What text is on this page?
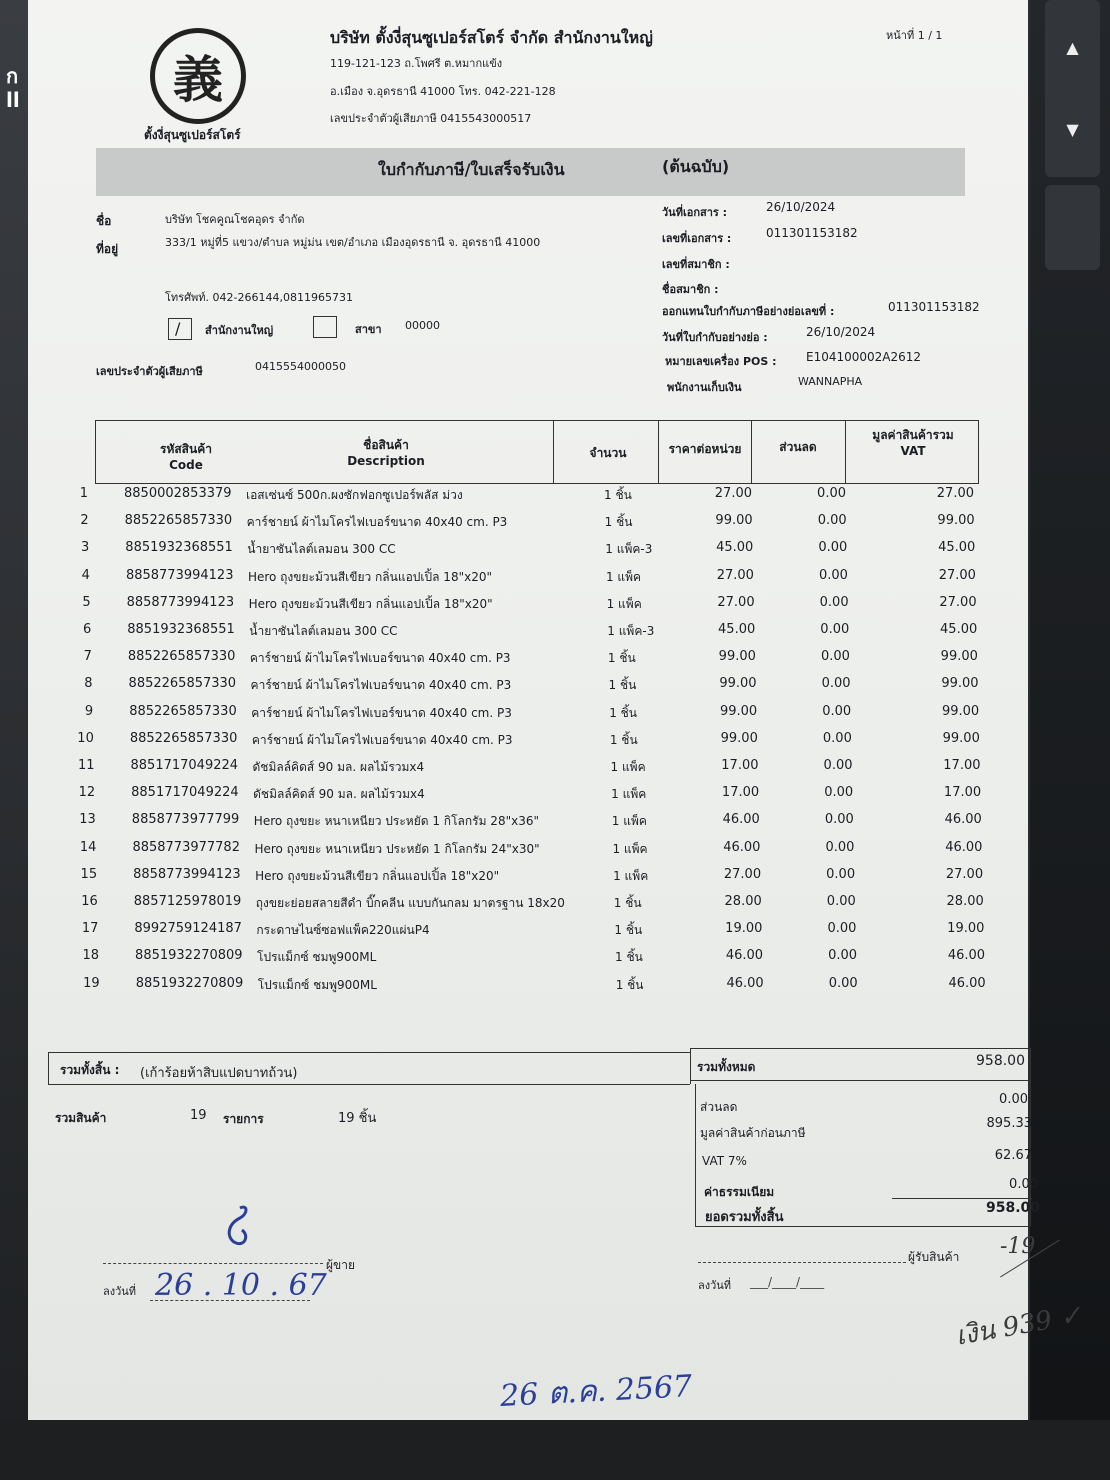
ก
ll
▲
▼
義
ตั้งงี่สุนซูเปอร์สโตร์
บริษัท ตั้งงี่สุนซูเปอร์สโตร์ จำกัด สำนักงานใหญ่
119-121-123 ถ.โพศรี ต.หมากแข้ง
อ.เมือง จ.อุดรธานี 41000 โทร. 042-221-128
เลขประจำตัวผู้เสียภาษี 0415543000517
หน้าที่ 1 / 1
ใบกำกับภาษี/ใบเสร็จรับเงิน	(ต้นฉบับ)
ชื่อ	บริษัท โชคคูณโชคอุดร จำกัด
ที่อยู่	333/1 หมู่ที่5 แขวง/ตำบล หมู่ม่น เขต/อำเภอ เมืองอุดรธานี จ. อุดรธานี 41000
โทรศัพท์. 042-266144,0811965731
/ สำนักงานใหญ่	สาขา 00000
เลขประจำตัวผู้เสียภาษี	0415554000050
วันที่เอกสาร :	26/10/2024
เลขที่เอกสาร :	011301153182
เลขที่สมาชิก :
ชื่อสมาชิก :
ออกแทนใบกำกับภาษีอย่างย่อเลขที่ :	011301153182
วันที่ใบกำกับอย่างย่อ :	26/10/2024
หมายเลขเครื่อง POS : E104100002A2612
พนักงานเก็บเงิน	WANNAPHA
รหัสสินค้า
Code
ชื่อสินค้า
Description
จำนวน	ราคาต่อหน่วย	ส่วนลด
มูลค่าสินค้ารวม
VAT
1	8850002853379 เอสเซ่นซ์ 500ก.ผงซักฟอกซูเปอร์พลัส ม่วง	1 ชิ้น	27.00	0.00	27.00
2	8852265857330 คาร์ชายน์ ผ้าไมโครไฟเบอร์ขนาด 40x40 cm. P3	1 ชิ้น	99.00	0.00	99.00
3	8851932368551 น้ำยาซันไลต์เลมอน 300 CC	1 แพ็ค-3	45.00	0.00	45.00
4	8858773994123 Hero ถุงขยะม้วนสีเขียว กลิ่นแอปเปิ้ล 18"x20"	1 แพ็ค	27.00	0.00	27.00
5	8858773994123 Hero ถุงขยะม้วนสีเขียว กลิ่นแอปเปิ้ล 18"x20"	1 แพ็ค	27.00	0.00	27.00
6	8851932368551 น้ำยาซันไลต์เลมอน 300 CC	1 แพ็ค-3	45.00	0.00	45.00
7	8852265857330 คาร์ชายน์ ผ้าไมโครไฟเบอร์ขนาด 40x40 cm. P3	1 ชิ้น	99.00	0.00	99.00
8	8852265857330 คาร์ชายน์ ผ้าไมโครไฟเบอร์ขนาด 40x40 cm. P3	1 ชิ้น	99.00	0.00	99.00
9	8852265857330 คาร์ชายน์ ผ้าไมโครไฟเบอร์ขนาด 40x40 cm. P3	1 ชิ้น	99.00	0.00	99.00
10	8852265857330 คาร์ชายน์ ผ้าไมโครไฟเบอร์ขนาด 40x40 cm. P3	1 ชิ้น	99.00	0.00	99.00
11	8851717049224 ดัชมิลล์คิดส์ 90 มล. ผลไม้รวมx4	1 แพ็ค	17.00	0.00	17.00
12	8851717049224 ดัชมิลล์คิดส์ 90 มล. ผลไม้รวมx4	1 แพ็ค	17.00	0.00	17.00
13	8858773977799 Hero ถุงขยะ หนาเหนียว ประหยัด 1 กิโลกรัม 28"x36"	1 แพ็ค	46.00	0.00	46.00
14	8858773977782 Hero ถุงขยะ หนาเหนียว ประหยัด 1 กิโลกรัม 24"x30"	1 แพ็ค	46.00	0.00	46.00
15	8858773994123 Hero ถุงขยะม้วนสีเขียว กลิ่นแอปเปิ้ล 18"x20"	1 แพ็ค	27.00	0.00	27.00
16	8857125978019 ถุงขยะย่อยสลายสีดำ บิ๊กคลีน แบบกันกลม มาตรฐาน 18x20	1 ชิ้น	28.00	0.00	28.00
17	8992759124187 กระดาษไนซ์ซอฟแพ็ค220แผ่นP4	1 ชิ้น	19.00	0.00	19.00
18	8851932270809 โปรแม็กซ์ ชมพู900ML	1 ชิ้น	46.00	0.00	46.00
19	8851932270809 โปรแม็กซ์ ชมพู900ML	1 ชิ้น	46.00	0.00	46.00
รวมทั้งสิ้น : (เก้าร้อยห้าสิบแปดบาทถ้วน)	รวมทั้งหมด	958.00
รวมสินค้า	19 รายการ	19 ชิ้น
ส่วนลด	0.00
มูลค่าสินค้าก่อนภาษี
895.33
VAT 7%	62.67
ค่าธรรมเนียม	0.00
ยอดรวมทั้งสิ้น
958.00
ผู้ขาย
ลงวันที่ 26 . 10 . 67
ผู้รับสินค้า
ลงวันที่ ___/____/____
-19
เงิน 939 ✓
26 ต.ค. 2567
